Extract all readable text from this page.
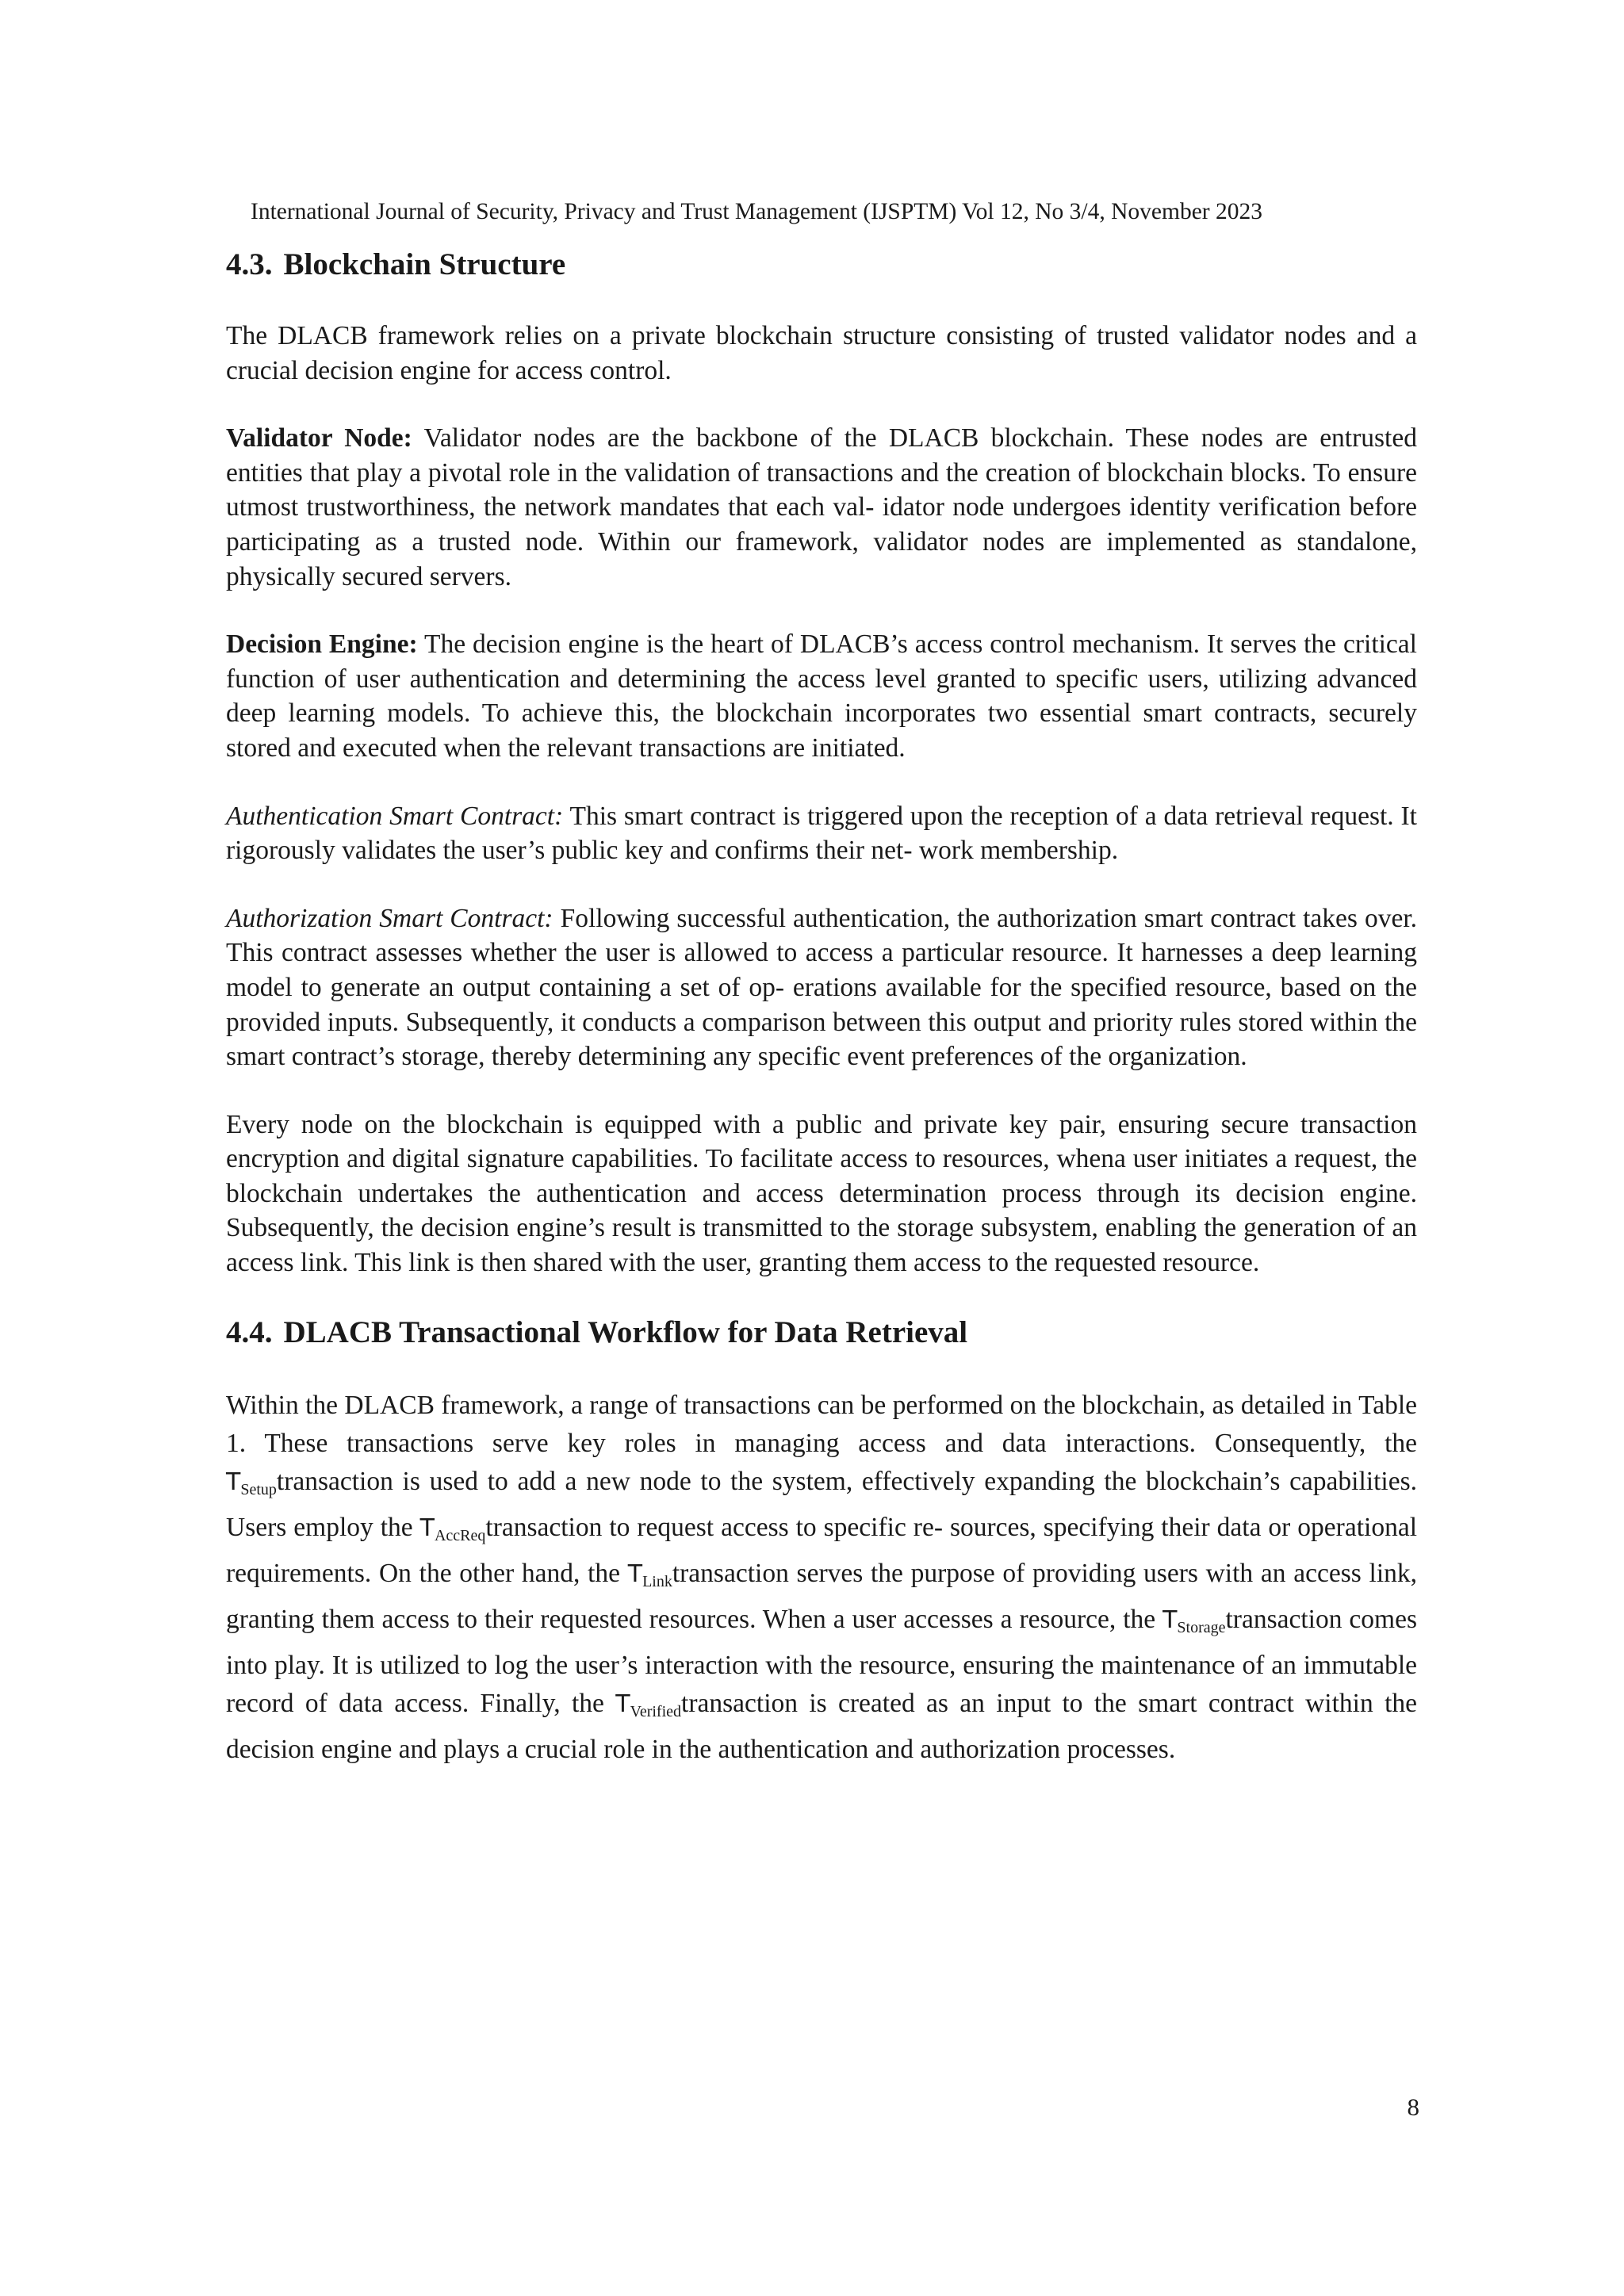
International Journal of Security, Privacy and Trust Management (IJSPTM) Vol 12, No 3/4, November 2023
4.3. Blockchain Structure

The DLACB framework relies on a private blockchain structure consisting of trusted validator nodes and a crucial decision engine for access control.

Validator Node: Validator nodes are the backbone of the DLACB blockchain. These nodes are entrusted entities that play a pivotal role in the validation of transactions and the creation of blockchain blocks. To ensure utmost trustworthiness, the network mandates that each val- idator node undergoes identity verification before participating as a trusted node. Within our framework, validator nodes are implemented as standalone, physically secured servers.

Decision Engine: The decision engine is the heart of DLACB’s access control mechanism. It serves the critical function of user authentication and determining the access level granted to specific users, utilizing advanced deep learning models. To achieve this, the blockchain incorporates two essential smart contracts, securely stored and executed when the relevant transactions are initiated.

Authentication Smart Contract: This smart contract is triggered upon the reception of a data retrieval request. It rigorously validates the user’s public key and confirms their net- work membership.

Authorization Smart Contract: Following successful authentication, the authorization smart contract takes over. This contract assesses whether the user is allowed to access a particular resource. It harnesses a deep learning model to generate an output containing a set of op- erations available for the specified resource, based on the provided inputs. Subsequently, it conducts a comparison between this output and priority rules stored within the smart contract’s storage, thereby determining any specific event preferences of the organization.

Every node on the blockchain is equipped with a public and private key pair, ensuring secure transaction encryption and digital signature capabilities. To facilitate access to resources, whena user initiates a request, the blockchain undertakes the authentication and access determination process through its decision engine. Subsequently, the decision engine’s result is transmitted to the storage subsystem, enabling the generation of an access link. This link is then shared with the user, granting them access to the requested resource.

4.4. DLACB Transactional Workflow for Data Retrieval

Within the DLACB framework, a range of transactions can be performed on the blockchain, as detailed in Table 1. These transactions serve key roles in managing access and data interactions. Consequently, the $T_{Setup}transaction$ is used to add a new node to the system, effectively expanding the blockchain’s capabilities. Users employ the $T_{AccReq}transaction$ to request access to specific re- sources, specifying their data or operational requirements. On the other hand, the $T_{Link}transaction$ serves the purpose of providing users with an access link, granting them access to their requested resources. When a user accesses a resource, the $T_{Storage}transaction$ comes into play. It is utilized to log the user’s interaction with the resource, ensuring the maintenance of an immutable record of data access. Finally, the $T_{Verified}transaction$ is created as an input to the smart contract within the decision engine and plays a crucial role in the authentication and authorization processes.

8
